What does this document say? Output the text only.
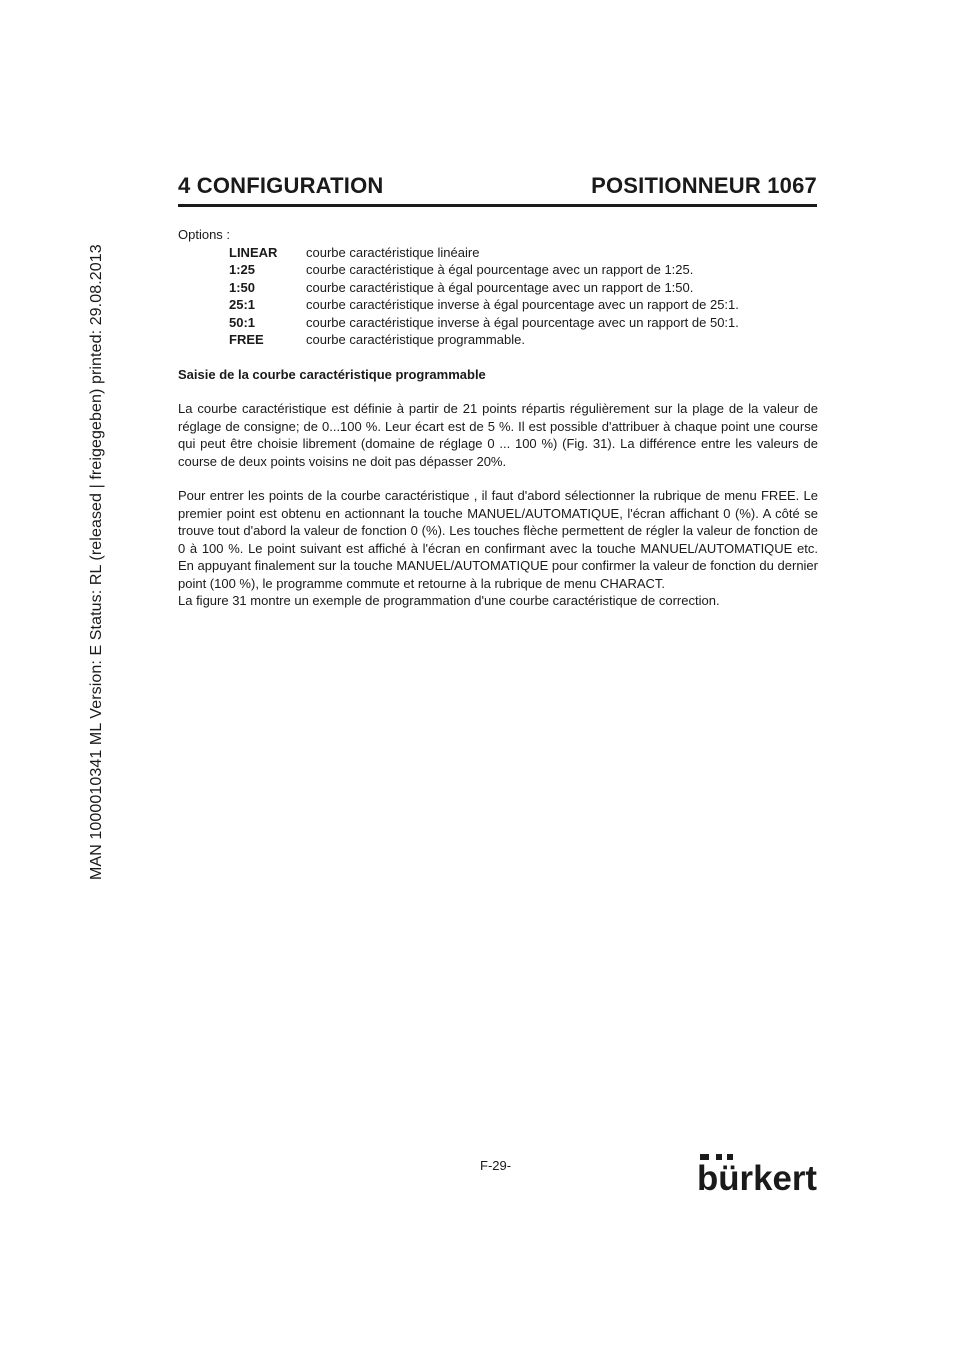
MAN 1000010341 ML Version: E Status: RL (released | freigegeben) printed: 29.08.2013
4 CONFIGURATION	POSITIONNEUR 1067

Options :

LINEAR	courbe caractéristique linéaire
1:25	courbe caractéristique à égal pourcentage avec un rapport de 1:25.
1:50	courbe caractéristique à égal pourcentage avec un rapport de 1:50.
25:1	courbe caractéristique inverse à égal pourcentage avec un rapport de 25:1.
50:1	courbe caractéristique inverse à égal pourcentage avec un rapport de 50:1.
FREE	courbe caractéristique programmable.

Saisie de la courbe caractéristique programmable

La courbe caractéristique est définie à partir de 21 points répartis régulièrement sur la plage de la valeur de réglage de consigne; de 0...100 %. Leur écart est de 5 %. Il est possible d'attribuer à chaque point une course qui peut être choisie librement (domaine de réglage 0 ... 100 %) (Fig. 31). La différence entre les valeurs de course de deux points voisins ne doit pas dépasser 20%.

Pour entrer les points de la courbe caractéristique , il faut d'abord sélectionner la rubrique de menu FREE. Le premier point est obtenu en actionnant la touche MANUEL/AUTOMATIQUE, l'écran affichant 0 (%). A côté se trouve tout d'abord la valeur de fonction 0 (%). Les touches flèche permettent de régler la valeur de fonction de 0 à 100 %. Le point suivant est affiché à l'écran en confirmant avec la touche MANUEL/AUTOMATIQUE etc. En appuyant finalement sur la touche MANUEL/AUTOMATIQUE pour confirmer la valeur de fonction du dernier point (100 %), le programme commute et retourne à la rubrique de menu CHARACT.

La figure 31 montre un exemple de programmation d'une courbe caractéristique de correction.

F-29-	bürkert
